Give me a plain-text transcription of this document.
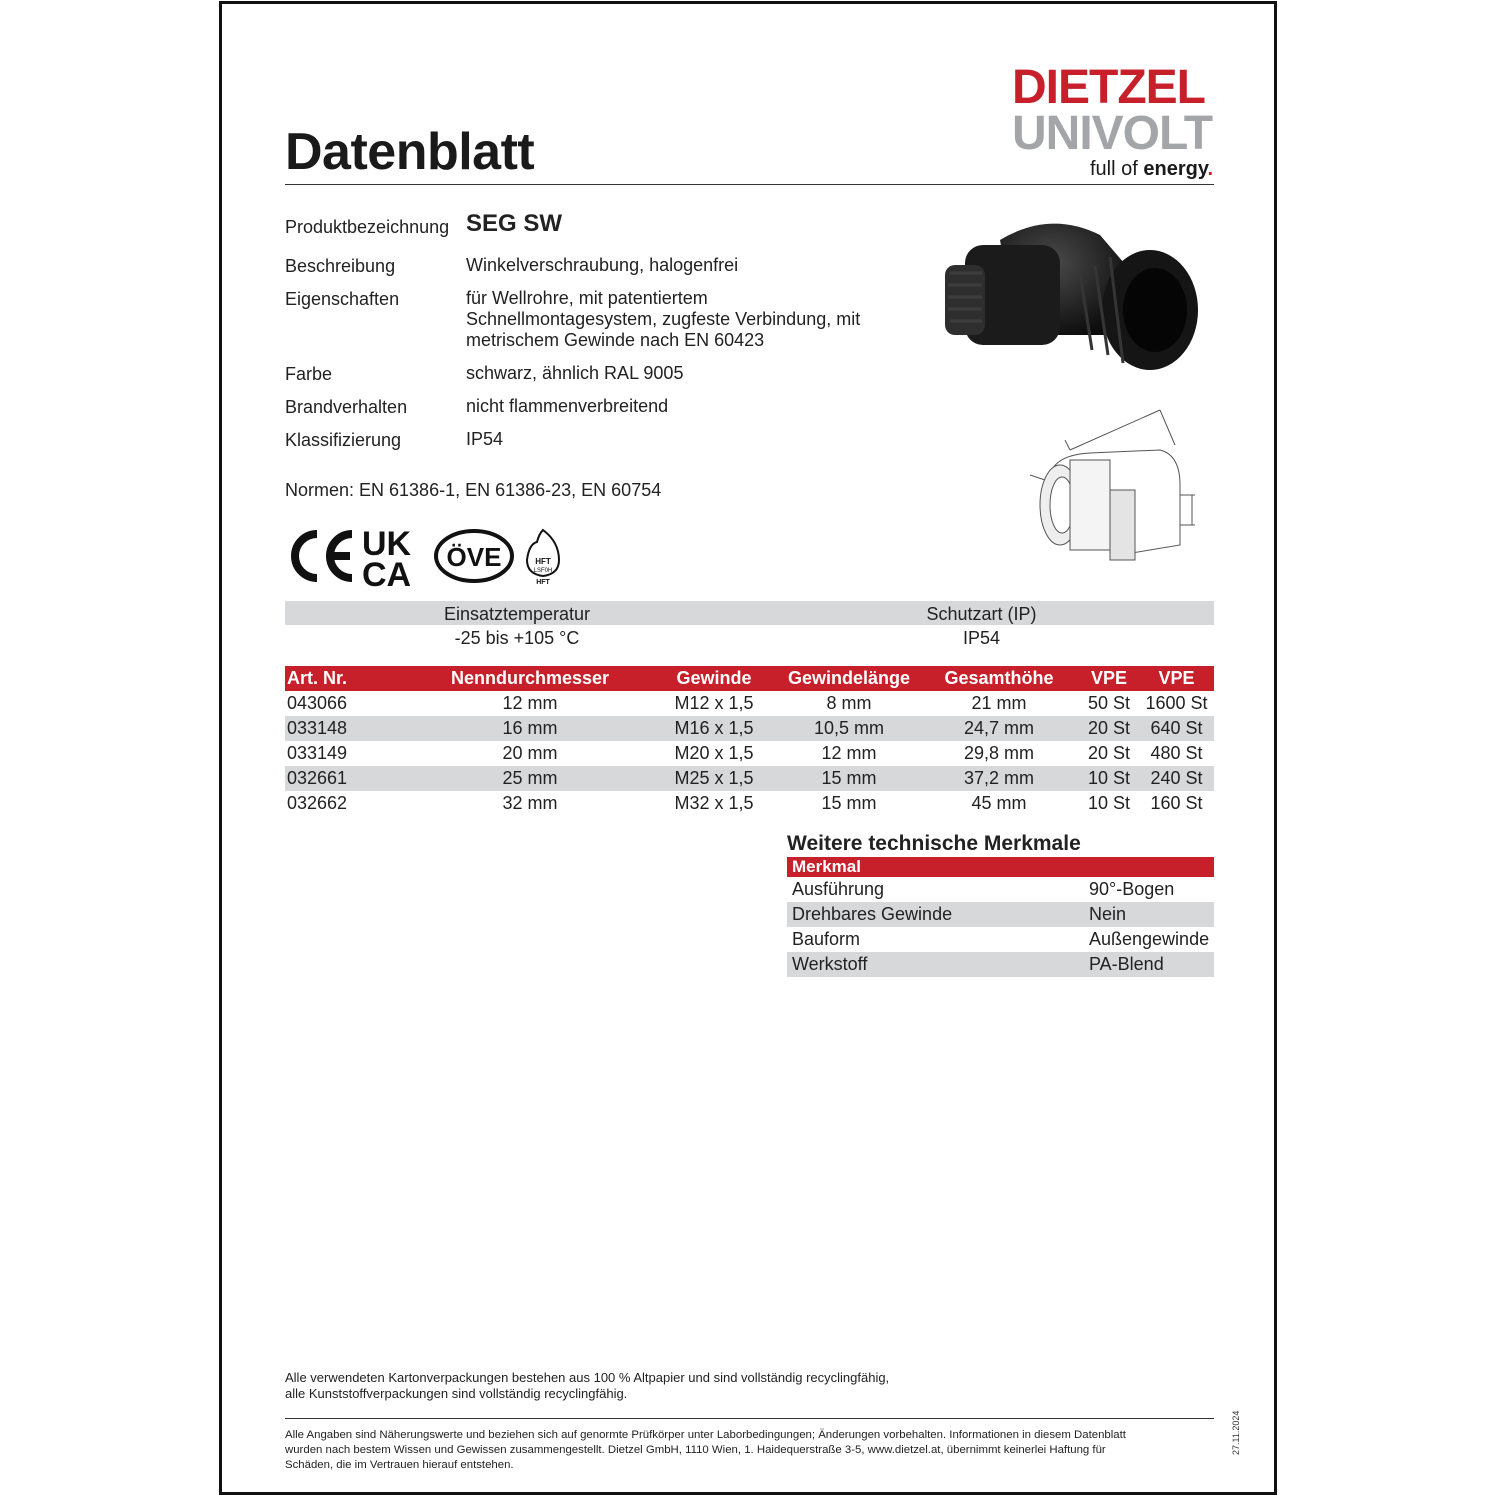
Datenblatt
DIETZEL
UNIVOLT
full of energy.
Produktbezeichnung SEG SW
Beschreibung	Winkelverschraubung, halogenfrei
Eigenschaften	für Wellrohre, mit patentiertem
Schnellmontagesystem, zugfeste Verbindung, mit
metrischem Gewinde nach EN 60423
Farbe	schwarz, ähnlich RAL 9005
Brandverhalten	nicht flammenverbreitend
Klassifizierung	IP54
Normen: EN 61386-1, EN 61386-23, EN 60754
UK
CA ÖVE	HFT
LSF0H
HFT
Einsatztemperatur	Schutzart (IP)
-25 bis +105 °C	IP54
Art. Nr.	Nenndurchmesser	Gewinde	Gewindelänge	Gesamthöhe	VPE	VPE
043066	12 mm	M12 x 1,5	8 mm	21 mm	50 St	1600 St
033148	16 mm	M16 x 1,5	10,5 mm	24,7 mm	20 St	640 St
033149	20 mm	M20 x 1,5	12 mm	29,8 mm	20 St	480 St
032661	25 mm	M25 x 1,5	15 mm	37,2 mm	10 St	240 St
032662	32 mm	M32 x 1,5	15 mm	45 mm	10 St	160 St
Weitere technische Merkmale
Merkmal	
Ausführung	90°-Bogen
Drehbares Gewinde	Nein
Bauform	Außengewinde
Werkstoff	PA-Blend
Alle verwendeten Kartonverpackungen bestehen aus 100 % Altpapier und sind vollständig recyclingfähig,
alle Kunststoffverpackungen sind vollständig recyclingfähig.
Alle Angaben sind Näherungswerte und beziehen sich auf genormte Prüfkörper unter Laborbedingungen; Änderungen vorbehalten. Informationen in diesem Datenblatt
wurden nach bestem Wissen und Gewissen zusammengestellt. Dietzel GmbH, 1110 Wien, 1. Haidequerstraße 3-5, www.dietzel.at, übernimmt keinerlei Haftung für
Schäden, die im Vertrauen hierauf entstehen.
27.11.2024
